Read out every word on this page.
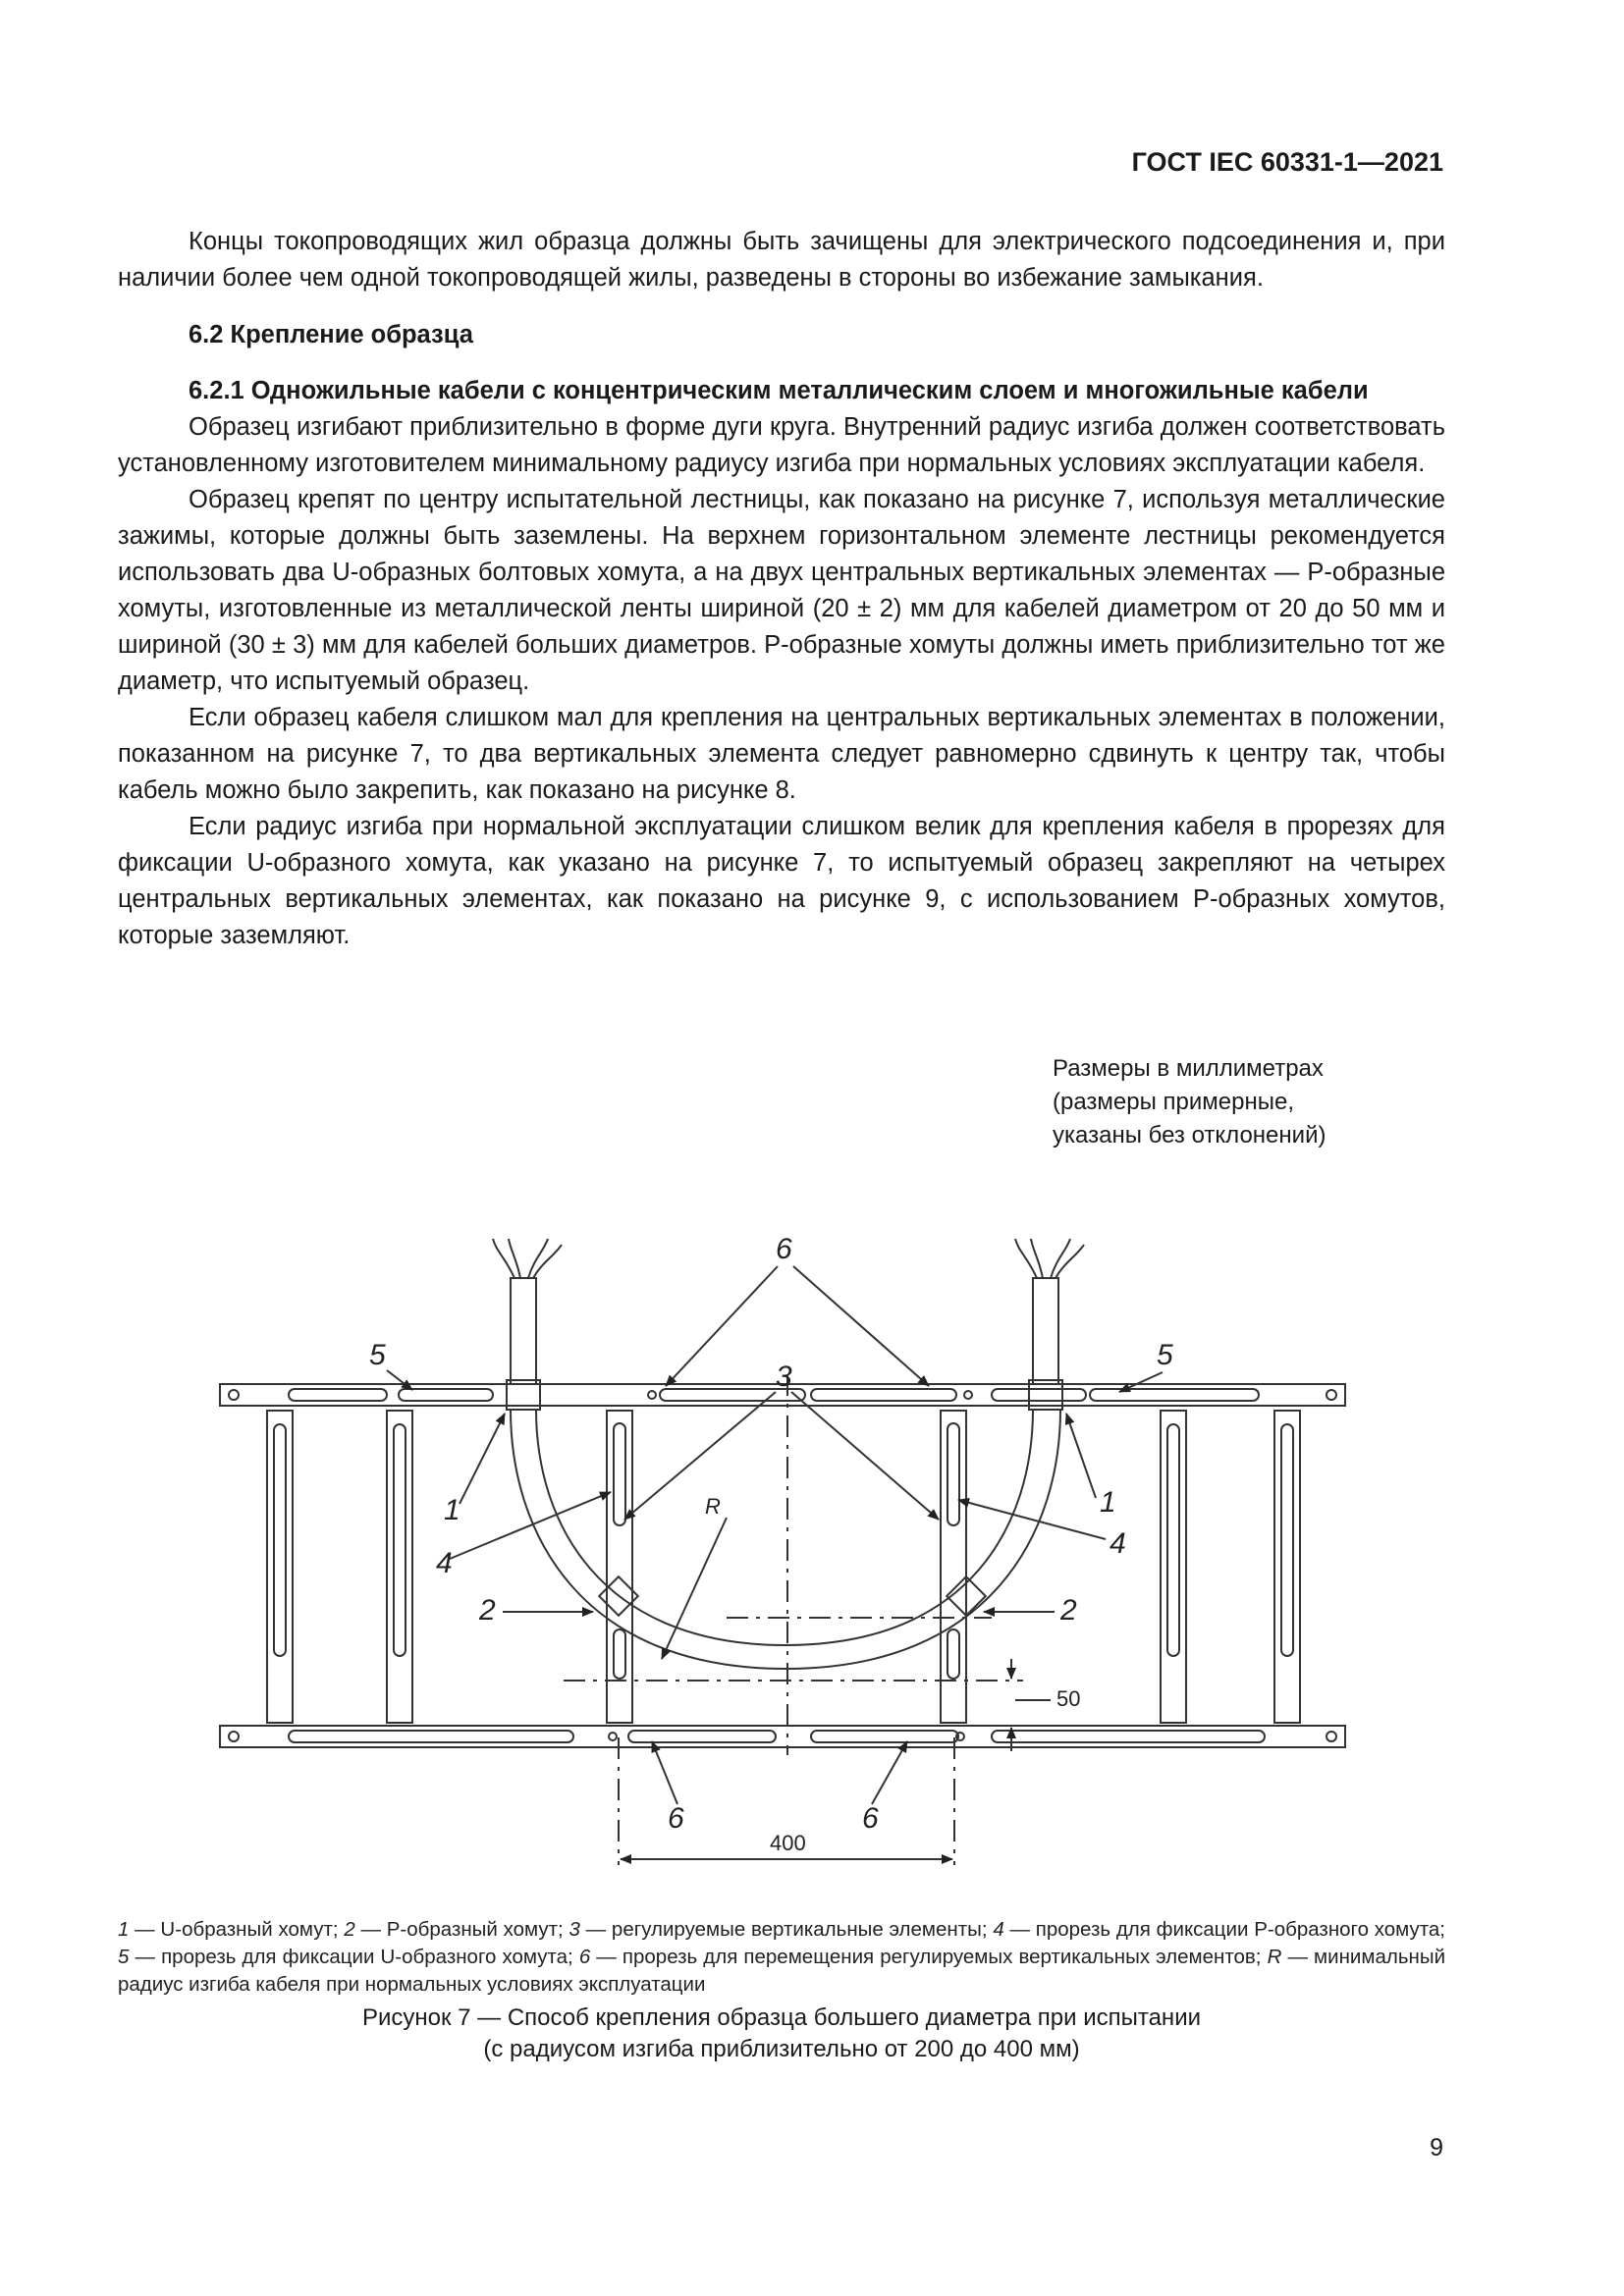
ГОСТ IEC 60331-1—2021

Концы токопроводящих жил образца должны быть зачищены для электрического подсоединения и, при наличии более чем одной токопроводящей жилы, разведены в стороны во избежание замыкания.

6.2 Крепление образца

6.2.1 Одножильные кабели с концентрическим металлическим слоем и многожильные кабели

Образец изгибают приблизительно в форме дуги круга. Внутренний радиус изгиба должен соответствовать установленному изготовителем минимальному радиусу изгиба при нормальных условиях эксплуатации кабеля.

Образец крепят по центру испытательной лестницы, как показано на рисунке 7, используя металлические зажимы, которые должны быть заземлены. На верхнем горизонтальном элементе лестницы рекомендуется использовать два U-образных болтовых хомута, а на двух центральных вертикальных элементах — P-образные хомуты, изготовленные из металлической ленты шириной (20 ± 2) мм для кабелей диаметром от 20 до 50 мм и шириной (30 ± 3) мм для кабелей больших диаметров. P-образные хомуты должны иметь приблизительно тот же диаметр, что испытуемый образец.

Если образец кабеля слишком мал для крепления на центральных вертикальных элементах в положении, показанном на рисунке 7, то два вертикальных элемента следует равномерно сдвинуть к центру так, чтобы кабель можно было закрепить, как показано на рисунке 8.

Если радиус изгиба при нормальной эксплуатации слишком велик для крепления кабеля в прорезях для фиксации U-образного хомута, как указано на рисунке 7, то испытуемый образец закрепляют на четырех центральных вертикальных элементах, как показано на рисунке 9, с использованием P-образных хомутов, которые заземляют.

Размеры в миллиметрах
(размеры примерные,
указаны без отклонений)
5	5
6
3
1	1
4
4
2	2
6	6
R
50
400
1 — U-образный хомут; 2 — P-образный хомут; 3 — регулируемые вертикальные элементы; 4 — прорезь для фиксации P-образного хомута; 5 — прорезь для фиксации U-образного хомута; 6 — прорезь для перемещения регулируемых вертикальных элементов; R — минимальный радиус изгиба кабеля при нормальных условиях эксплуатации
Рисунок 7 — Способ крепления образца большего диаметра при испытании
(с радиусом изгиба приблизительно от 200 до 400 мм)
9
